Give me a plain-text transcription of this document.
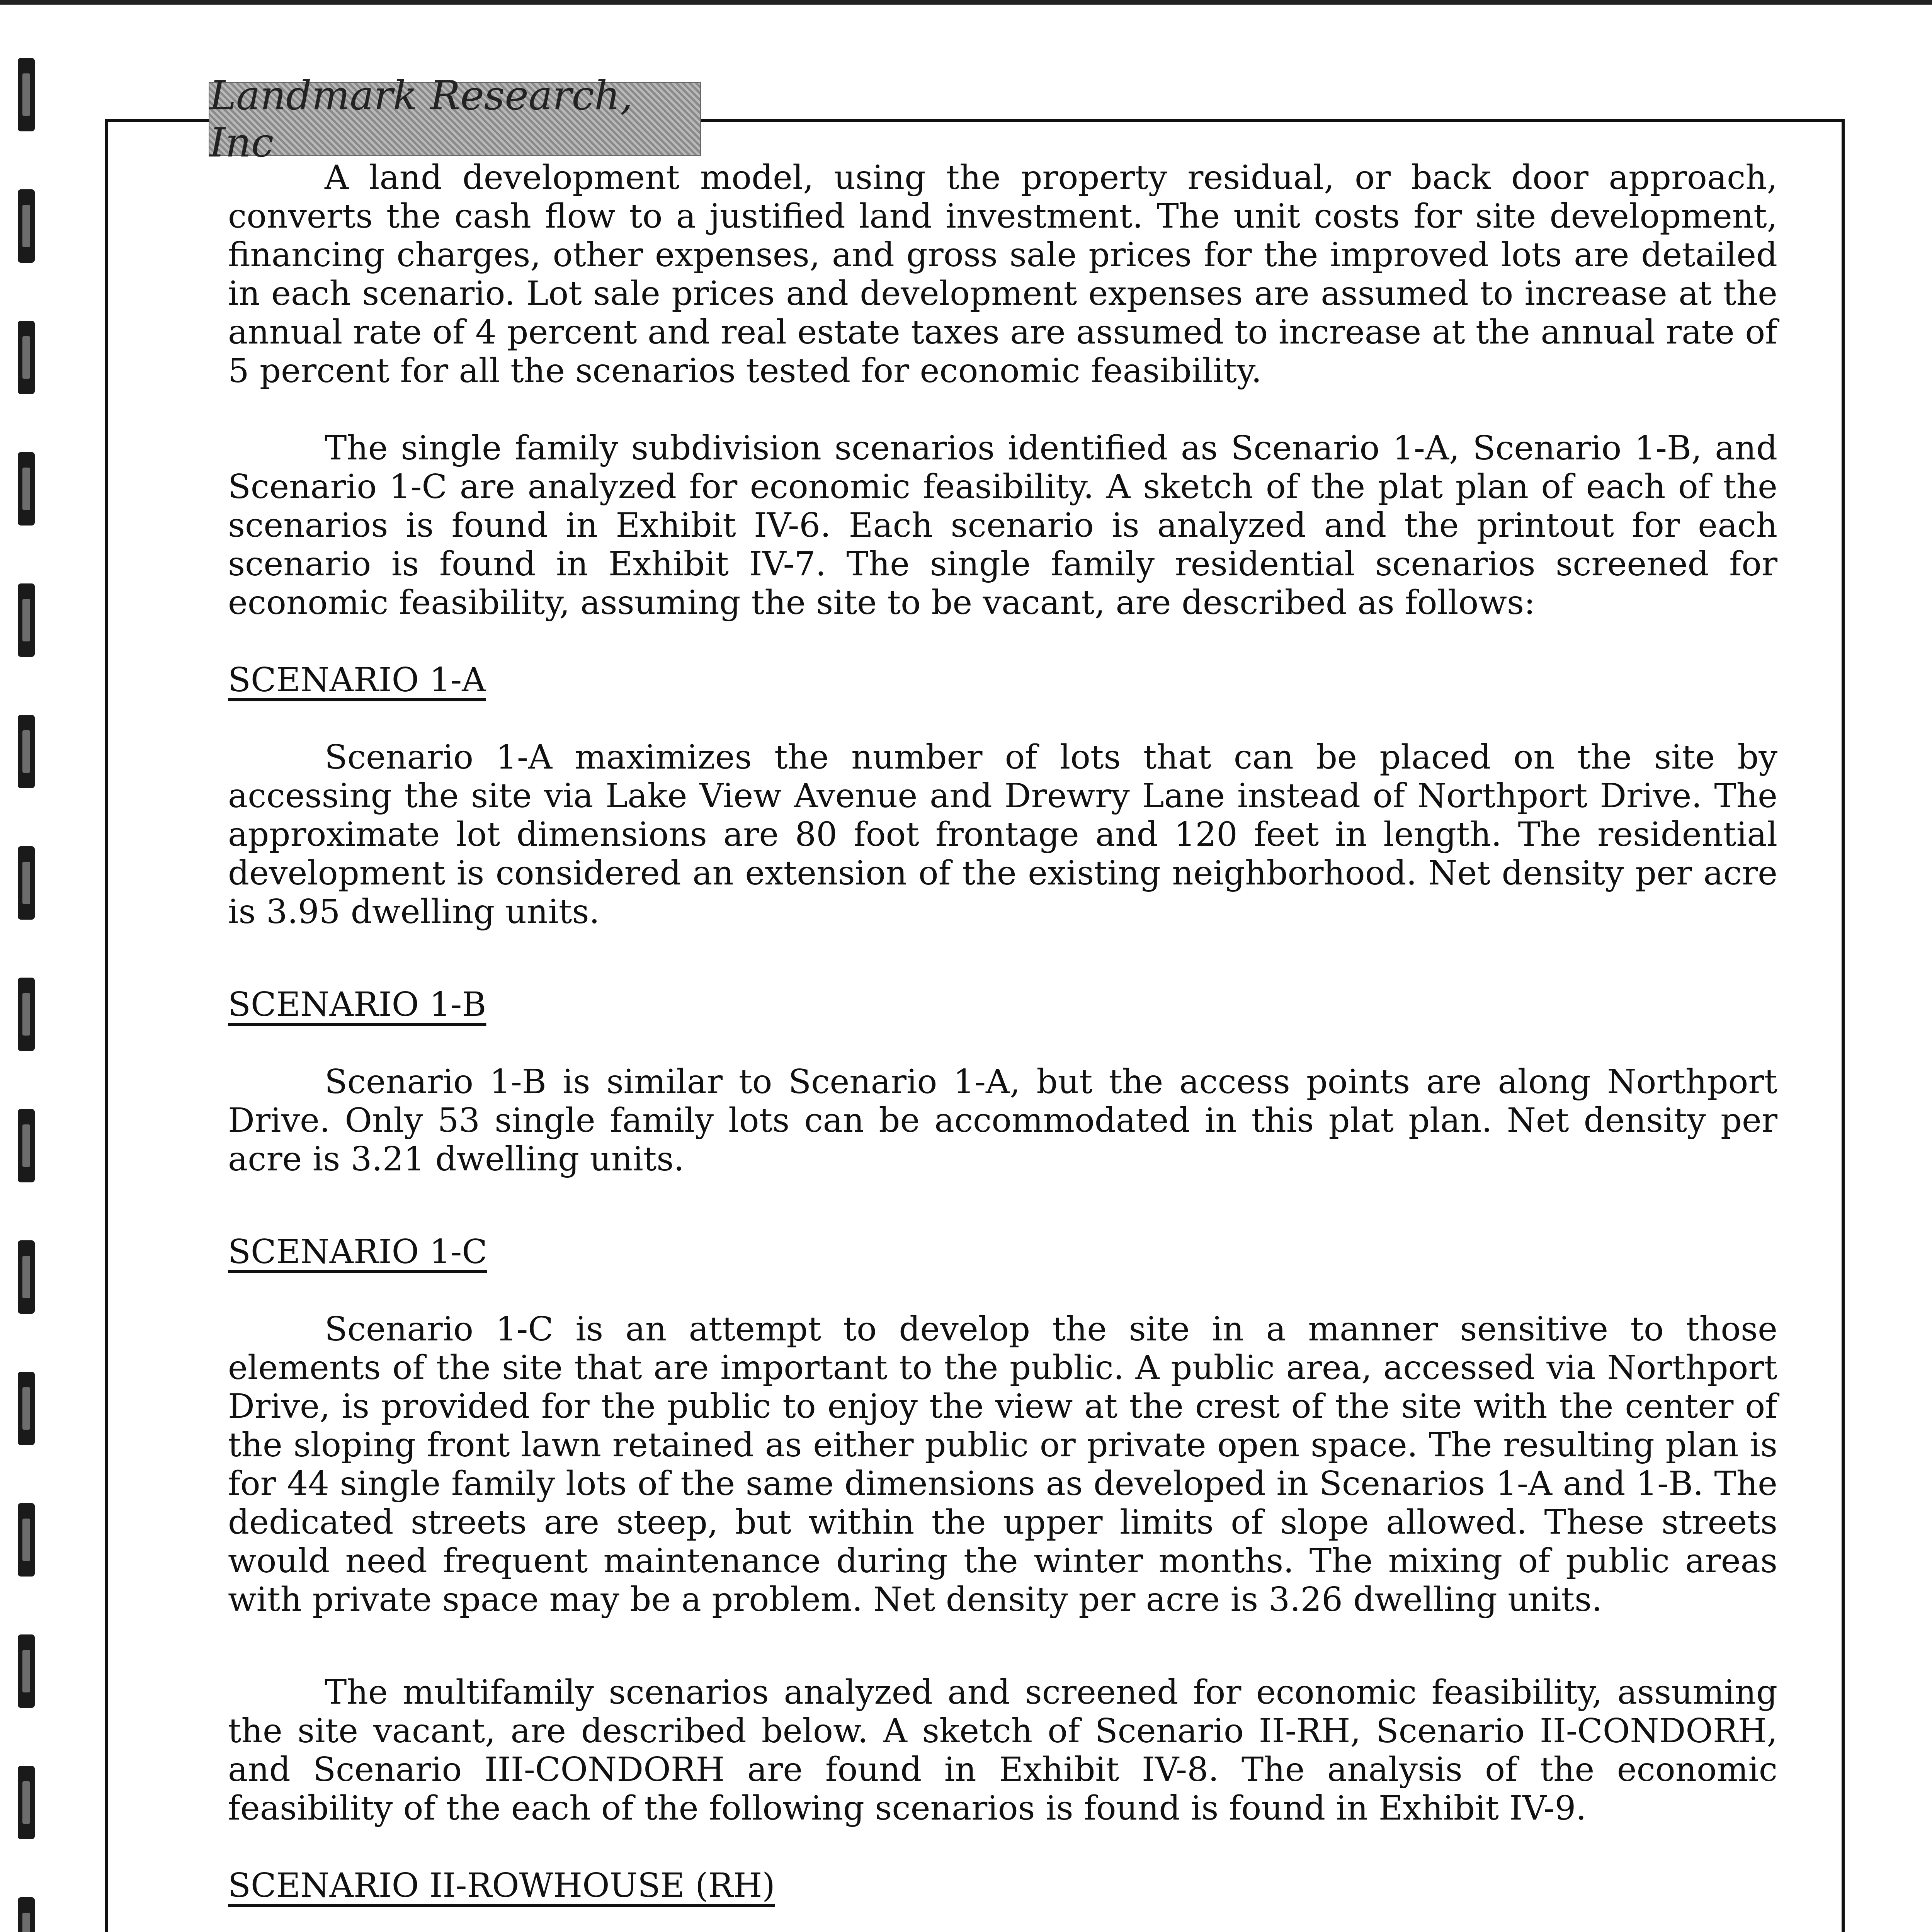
Landmark Research, Inc

A land development model, using the property residual, or back door approach, converts the cash flow to a justified land investment. The unit costs for site development, financing charges, other expenses, and gross sale prices for the improved lots are detailed in each scenario. Lot sale prices and development expenses are assumed to increase at the annual rate of 4 percent and real estate taxes are assumed to increase at the annual rate of 5 percent for all the scenarios tested for economic feasibility.

The single family subdivision scenarios identified as Scenario 1-A, Scenario 1-B, and Scenario 1-C are analyzed for economic feasibility. A sketch of the plat plan of each of the scenarios is found in Exhibit IV-6. Each scenario is analyzed and the printout for each scenario is found in Exhibit IV-7. The single family residential scenarios screened for economic feasibility, assuming the site to be vacant, are described as follows:

SCENARIO 1-A

Scenario 1-A maximizes the number of lots that can be placed on the site by accessing the site via Lake View Avenue and Drewry Lane instead of Northport Drive. The approximate lot dimensions are 80 foot frontage and 120 feet in length. The residential development is considered an extension of the existing neighborhood. Net density per acre is 3.95 dwelling units.

SCENARIO 1-B

Scenario 1-B is similar to Scenario 1-A, but the access points are along Northport Drive. Only 53 single family lots can be accommodated in this plat plan. Net density per acre is 3.21 dwelling units.

SCENARIO 1-C

Scenario 1-C is an attempt to develop the site in a manner sensitive to those elements of the site that are important to the public. A public area, accessed via Northport Drive, is provided for the public to enjoy the view at the crest of the site with the center of the sloping front lawn retained as either public or private open space. The resulting plan is for 44 single family lots of the same dimensions as developed in Scenarios 1-A and 1-B. The dedicated streets are steep, but within the upper limits of slope allowed. These streets would need frequent maintenance during the winter months. The mixing of public areas with private space may be a problem. Net density per acre is 3.26 dwelling units.

The multifamily scenarios analyzed and screened for economic feasibility, assuming the site vacant, are described below. A sketch of Scenario II-RH, Scenario II-CONDORH, and Scenario III-CONDORH are found in Exhibit IV-8. The analysis of the economic feasibility of the each of the following scenarios is found is found in Exhibit IV-9.

SCENARIO II-ROWHOUSE (RH)
